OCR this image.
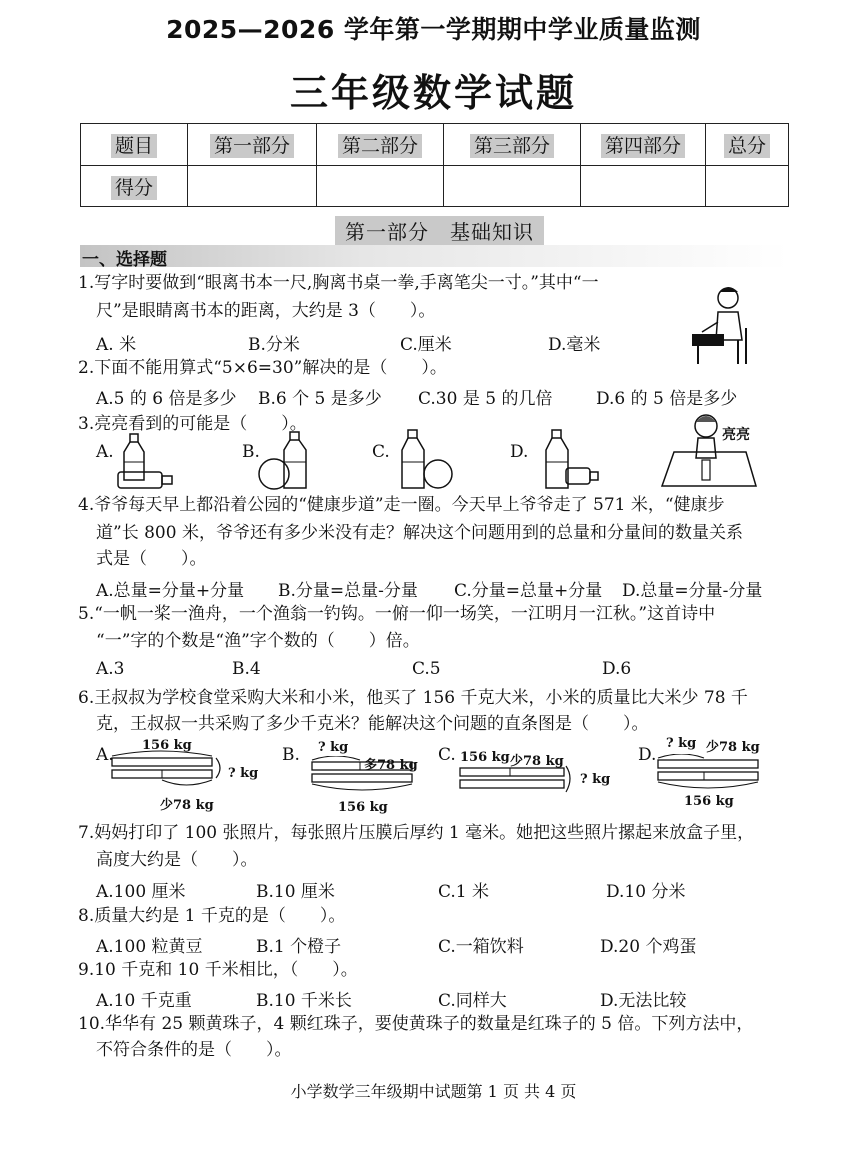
2025—2026 学年第一学期期中学业质量监测
三年级数学试题
题目	第一部分	第二部分	第三部分	第四部分	总分
得分					
第一部分　基础知识
一、选择题
1.写字时要做到“眼离书本一尺,胸离书桌一拳,手离笔尖一寸。”其中“一
尺”是眼睛离书本的距离，大约是 3（　　）。
A. 米	B.分米	C.厘米	D.毫米
2.下面不能用算式“5×6=30”解决的是（　　）。
A.5 的 6 倍是多少 B.6 个 5 是多少 C.30 是 5 的几倍	D.6 的 5 倍是多少
3.亮亮看到的可能是（　　）。
A.	B.	C.	D.
亮亮
4.爷爷每天早上都沿着公园的“健康步道”走一圈。今天早上爷爷走了 571 米，“健康步
道”长 800 米，爷爷还有多少米没有走？解决这个问题用到的总量和分量间的数量关系
式是（　　）。
A.总量=分量+分量 B.分量=总量-分量 C.分量=总量+分量 D.总量=分量-分量
5.“一帆一桨一渔舟，一个渔翁一钓钩。一俯一仰一场笑，一江明月一江秋。”这首诗中
“一”字的个数是“渔”字个数的（　　）倍。
A.3	B.4	C.5	D.6
6.王叔叔为学校食堂采购大米和小米，他买了 156 千克大米，小米的质量比大米少 78 千
克，王叔叔一共采购了多少千克米？能解决这个问题的直条图是（　　）。
A.	B.	C.	D.
156 kg
? kg
少78 kg
? kg
多78 kg
156 kg
156 kg 少78 kg
? kg
? kg 少78 kg
156 kg
7.妈妈打印了 100 张照片，每张照片压膜后厚约 1 毫米。她把这些照片摞起来放盒子里，
高度大约是（　　）。
A.100 厘米	B.10 厘米	C.1 米	D.10 分米
8.质量大约是 1 千克的是（　　）。
A.100 粒黄豆	B.1 个橙子	C.一箱饮料	D.20 个鸡蛋
9.10 千克和 10 千米相比，（　　）。
A.10 千克重	B.10 千米长	C.同样大	D.无法比较
10.华华有 25 颗黄珠子，4 颗红珠子，要使黄珠子的数量是红珠子的 5 倍。下列方法中，
不符合条件的是（　　）。
小学数学三年级期中试题第 1 页 共 4 页
